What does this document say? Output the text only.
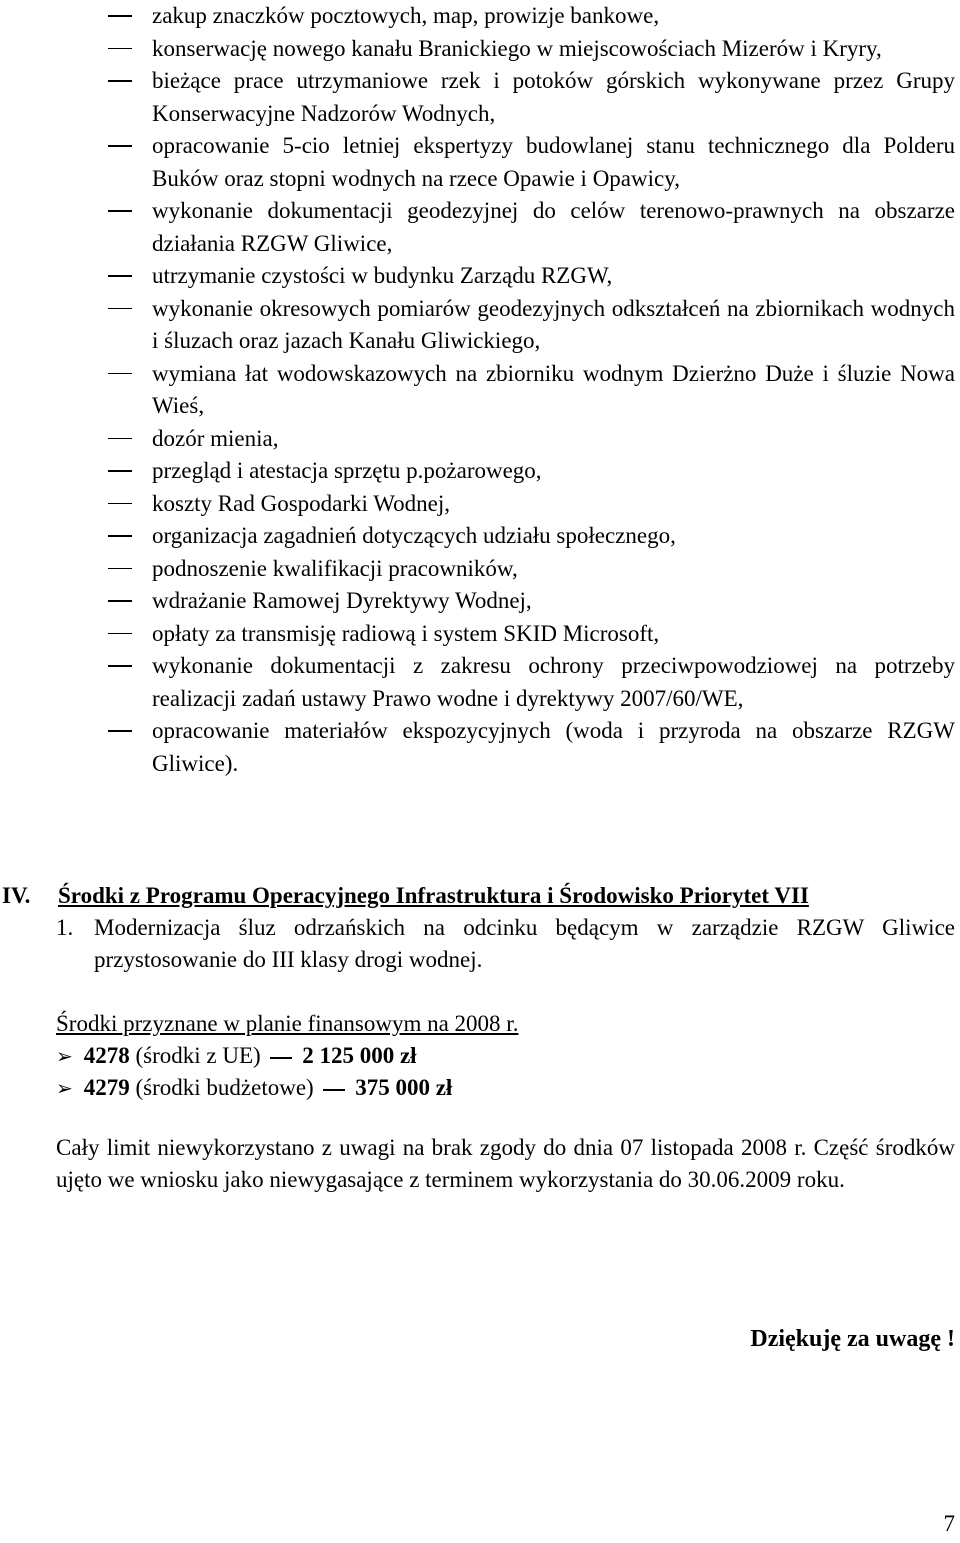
zakup znaczków pocztowych, map, prowizje bankowe,
konserwację nowego kanału Branickiego w miejscowościach Mizerów i Kryry,
bieżące prace utrzymaniowe rzek i potoków górskich wykonywane przez Grupy Konserwacyjne Nadzorów Wodnych,
opracowanie 5-cio letniej ekspertyzy budowlanej stanu technicznego dla Polderu Buków oraz stopni wodnych na rzece Opawie i Opawicy,
wykonanie dokumentacji geodezyjnej do celów terenowo-prawnych na obszarze działania RZGW Gliwice,
utrzymanie czystości w budynku Zarządu RZGW,
wykonanie okresowych pomiarów geodezyjnych odkształceń na zbiornikach wodnych i śluzach oraz jazach Kanału Gliwickiego,
wymiana łat wodowskazowych na zbiorniku wodnym Dzierżno Duże i śluzie Nowa Wieś,
dozór mienia,
przegląd i atestacja sprzętu p.pożarowego,
koszty Rad Gospodarki Wodnej,
organizacja zagadnień dotyczących udziału społecznego,
podnoszenie kwalifikacji pracowników,
wdrażanie Ramowej Dyrektywy Wodnej,
opłaty za transmisję radiową i system SKID Microsoft,
wykonanie dokumentacji z zakresu ochrony przeciwpowodziowej na potrzeby realizacji zadań ustawy Prawo wodne i dyrektywy 2007/60/WE,
opracowanie materiałów ekspozycyjnych (woda i przyroda na obszarze RZGW Gliwice).
IV. Środki z Programu Operacyjnego Infrastruktura i Środowisko Priorytet VII
1. Modernizacja śluz odrzańskich na odcinku będącym w zarządzie RZGW Gliwice przystosowanie do III klasy drogi wodnej.
Środki przyznane w planie finansowym na 2008 r.
➢ 4278 (środki z UE) 2 125 000 zł
➢ 4279 (środki budżetowe) 375 000 zł
Cały limit niewykorzystano z uwagi na brak zgody do dnia 07 listopada 2008 r. Część środków ujęto we wniosku jako niewygasające z terminem wykorzystania do 30.06.2009 roku.
Dziękuję za uwagę !
7
